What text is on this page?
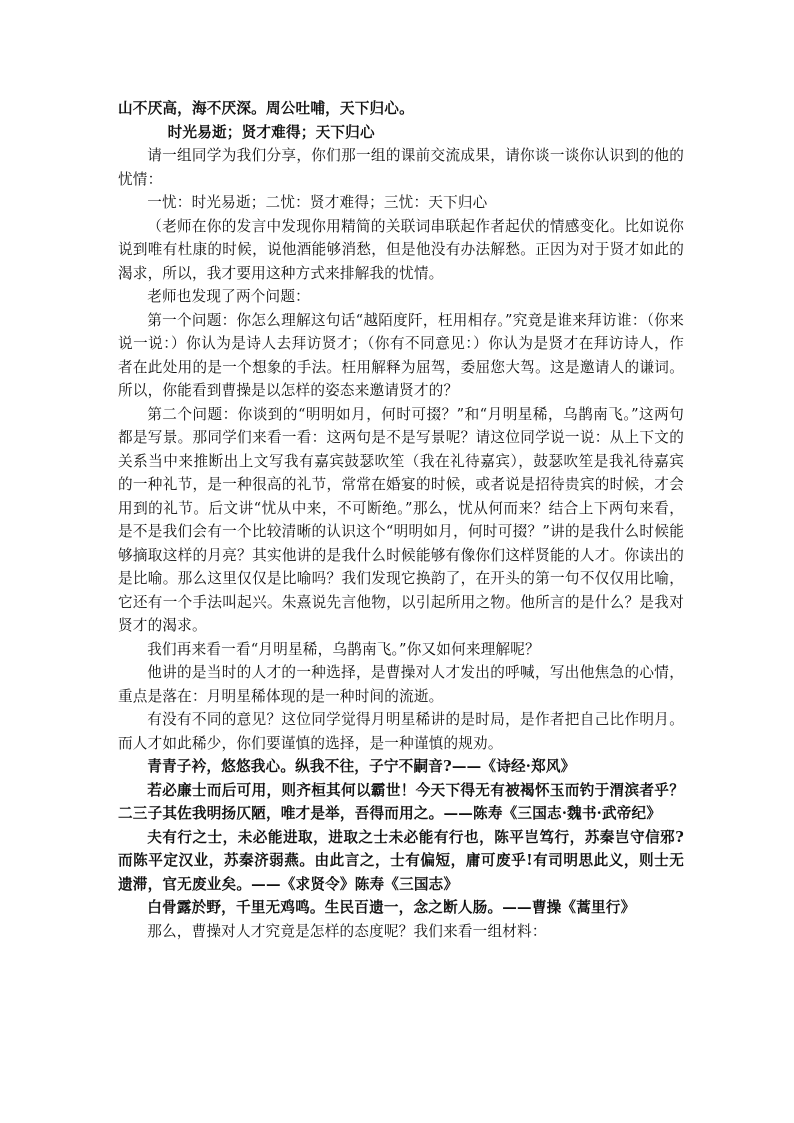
山不厌高，海不厌深。周公吐哺，天下归心。

时光易逝；贤才难得；天下归心

请一组同学为我们分享，你们那一组的课前交流成果，请你谈一谈你认识到的他的忧情：

一忧：时光易逝；二忧：贤才难得；三忧：天下归心

（老师在你的发言中发现你用精简的关联词串联起作者起伏的情感变化。比如说你说到唯有杜康的时候，说他酒能够消愁，但是他没有办法解愁。正因为对于贤才如此的渴求，所以，我才要用这种方式来排解我的忧情。

老师也发现了两个问题：

第一个问题：你怎么理解这句话“越陌度阡，枉用相存。”究竟是谁来拜访谁：（你来说一说：）你认为是诗人去拜访贤才；（你有不同意见：）你认为是贤才在拜访诗人，作者在此处用的是一个想象的手法。枉用解释为屈驾，委屈您大驾。这是邀请人的谦词。所以，你能看到曹操是以怎样的姿态来邀请贤才的？

第二个问题：你谈到的“明明如月，何时可掇？”和“月明星稀，乌鹊南飞。”这两句都是写景。那同学们来看一看：这两句是不是写景呢？请这位同学说一说：从上下文的关系当中来推断出上文写我有嘉宾鼓瑟吹笙（我在礼待嘉宾），鼓瑟吹笙是我礼待嘉宾的一种礼节，是一种很高的礼节，常常在婚宴的时候，或者说是招待贵宾的时候，才会用到的礼节。后文讲“忧从中来，不可断绝。”那么，忧从何而来？结合上下两句来看，是不是我们会有一个比较清晰的认识这个“明明如月，何时可掇？”讲的是我什么时候能够摘取这样的月亮？其实他讲的是我什么时候能够有像你们这样贤能的人才。你读出的是比喻。那么这里仅仅是比喻吗？我们发现它换韵了，在开头的第一句不仅仅用比喻，它还有一个手法叫起兴。朱熹说先言他物，以引起所用之物。他所言的是什么？是我对贤才的渴求。

我们再来看一看“月明星稀，乌鹊南飞。”你又如何来理解呢？

他讲的是当时的人才的一种选择，是曹操对人才发出的呼喊，写出他焦急的心情，重点是落在：月明星稀体现的是一种时间的流逝。

有没有不同的意见？这位同学觉得月明星稀讲的是时局，是作者把自己比作明月。而人才如此稀少，你们要谨慎的选择，是一种谨慎的规劝。

青青子衿，悠悠我心。纵我不往，子宁不嗣音?——《诗经·郑风》

若必廉士而后可用，则齐桓其何以霸世！今天下得无有被褐怀玉而钓于渭滨者乎？二三子其佐我明扬仄陋，唯才是举，吾得而用之。——陈寿《三国志·魏书·武帝纪》

夫有行之士，未必能进取，进取之士未必能有行也，陈平岂笃行，苏秦岂守信邪?而陈平定汉业，苏秦济弱燕。由此言之，士有偏短，庸可废乎!有司明思此义，则士无遗滞，官无废业矣。——《求贤令》陈寿《三国志》

白骨露於野，千里无鸡鸣。生民百遗一，念之断人肠。——曹操《蒿里行》

那么，曹操对人才究竟是怎样的态度呢？我们来看一组材料：
